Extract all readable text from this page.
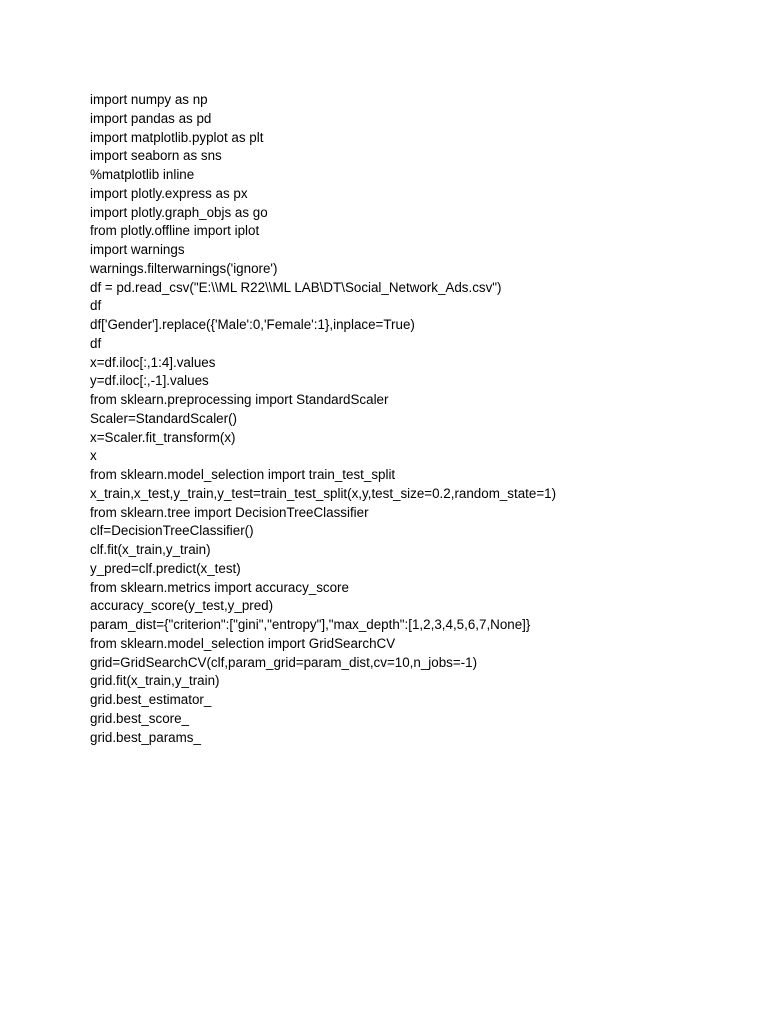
import numpy as np
import pandas as pd
import matplotlib.pyplot as plt
import seaborn as sns
%matplotlib inline
import plotly.express as px
import plotly.graph_objs as go
from plotly.offline import iplot
import warnings
warnings.filterwarnings('ignore')
df = pd.read_csv("E:\\ML R22\\ML LAB\DT\Social_Network_Ads.csv")
df
df['Gender'].replace({'Male':0,'Female':1},inplace=True)
df
x=df.iloc[:,1:4].values
y=df.iloc[:,-1].values
from sklearn.preprocessing import StandardScaler
Scaler=StandardScaler()
x=Scaler.fit_transform(x)
x
from sklearn.model_selection import train_test_split
x_train,x_test,y_train,y_test=train_test_split(x,y,test_size=0.2,random_state=1)
from sklearn.tree import DecisionTreeClassifier
clf=DecisionTreeClassifier()
clf.fit(x_train,y_train)
y_pred=clf.predict(x_test)
from sklearn.metrics import accuracy_score
accuracy_score(y_test,y_pred)
param_dist={"criterion":["gini","entropy"],"max_depth":[1,2,3,4,5,6,7,None]}
from sklearn.model_selection import GridSearchCV
grid=GridSearchCV(clf,param_grid=param_dist,cv=10,n_jobs=-1)
grid.fit(x_train,y_train)
grid.best_estimator_
grid.best_score_
grid.best_params_
